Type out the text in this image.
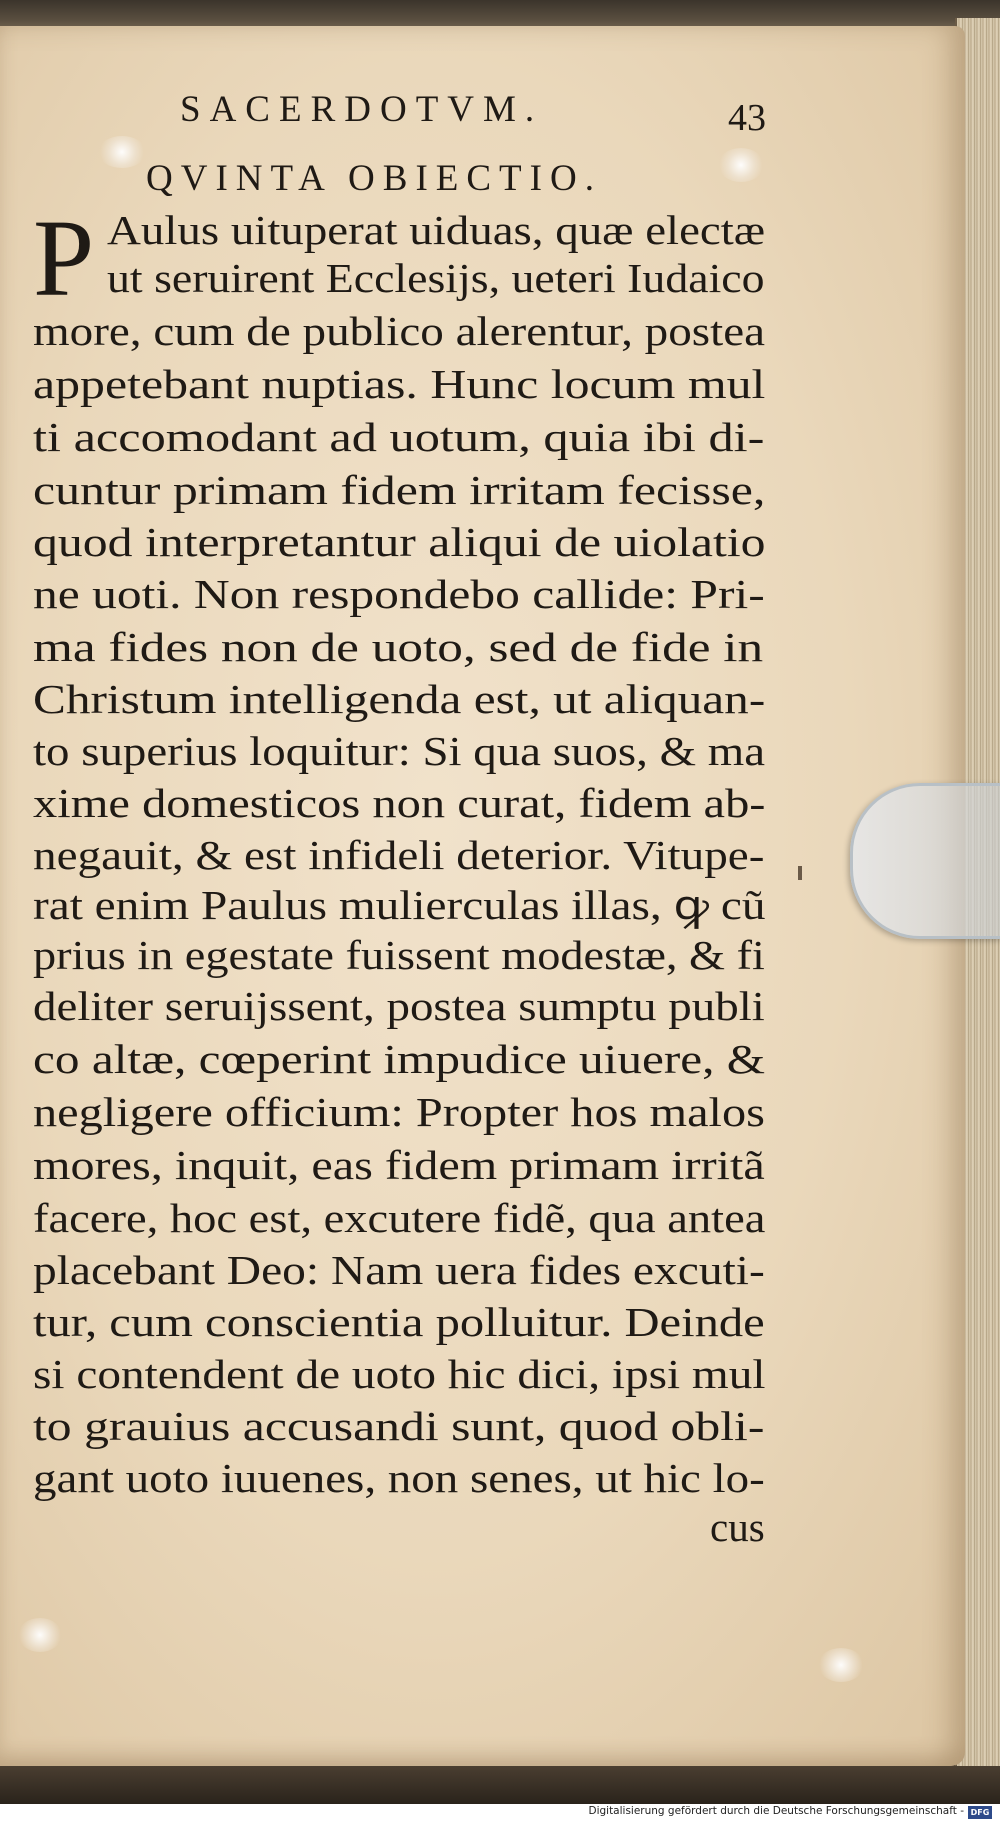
SACERDOTVM.	43
QVINTA OBIECTIO.
P Aulus uituperat uiduas, quæ electæ
ut seruirent Ecclesijs, ueteri Iudaico
more, cum de publico alerentur, postea
appetebant nuptias. Hunc locum mul
ti accomodant ad uotum, quia ibi di-
cuntur primam fidem irritam fecisse,
quod interpretantur aliqui de uiolatio
ne uoti. Non respondebo callide: Pri-
ma fides non de uoto, sed de fide in
Christum intelligenda est, ut aliquan-
to superius loquitur: Si qua suos, & ma
xime domesticos non curat, fidem ab-
negauit, & est infideli deterior. Vitupe-
rat enim Paulus mulierculas illas, ꝙ cũ
prius in egestate fuissent modestæ, & fi
deliter seruijssent, postea sumptu publi
co altæ, cœperint impudice uiuere, &
negligere officium: Propter hos malos
mores, inquit, eas fidem primam irritã
facere, hoc est, excutere fidẽ, qua antea
placebant Deo: Nam uera fides excuti-
tur, cum conscientia polluitur. Deinde
si contendent de uoto hic dici, ipsi mul
to grauius accusandi sunt, quod obli-
gant uoto iuuenes, non senes, ut hic lo-
cus
Digitalisierung gefördert durch die Deutsche Forschungsgemeinschaft - DFG
